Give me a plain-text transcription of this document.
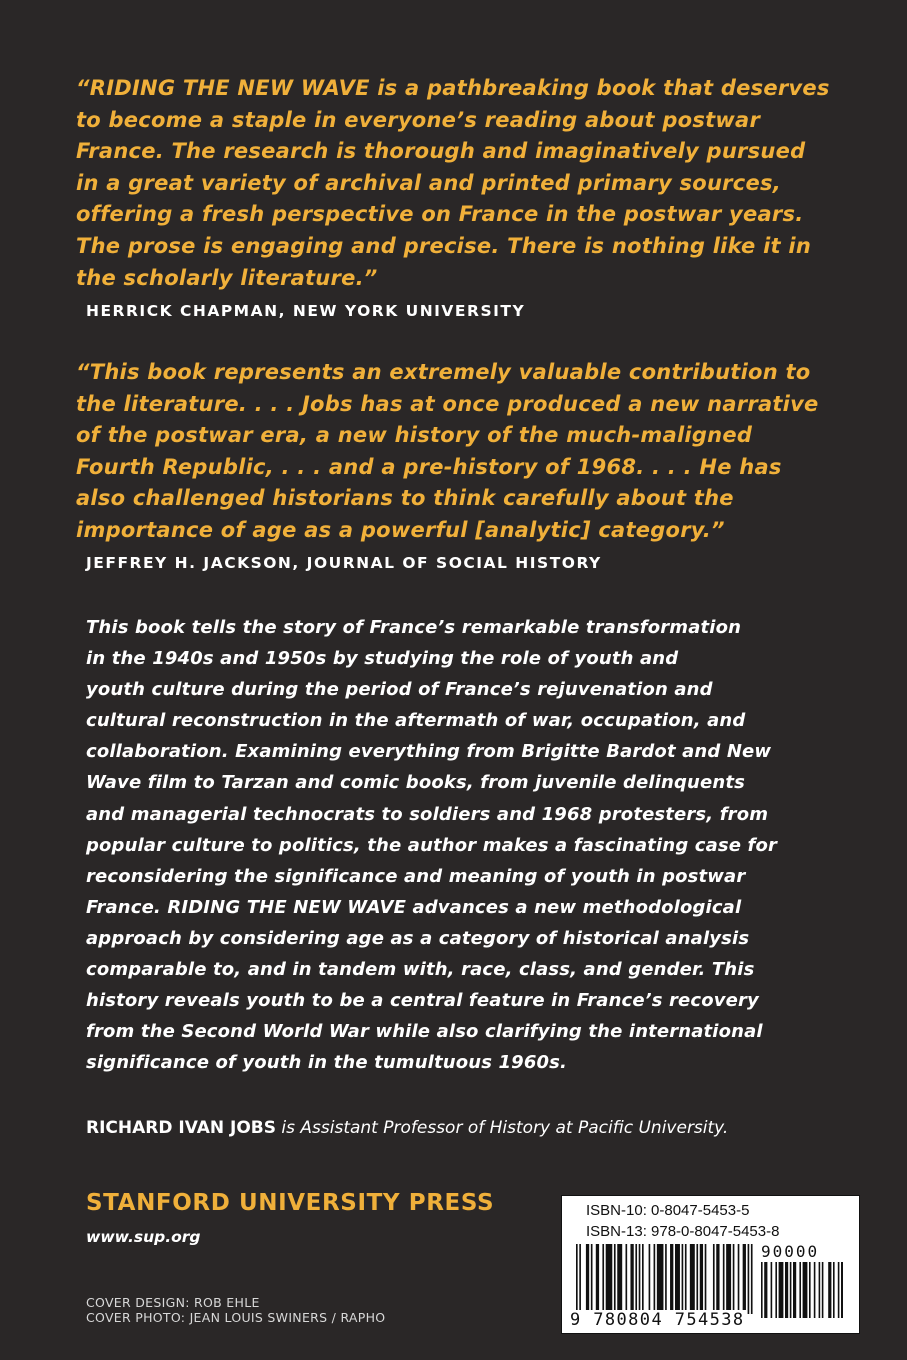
“RIDING THE NEW WAVE is a pathbreaking book that deserves
to become a staple in everyone’s reading about postwar
France. The research is thorough and imaginatively pursued
in a great variety of archival and printed primary sources,
offering a fresh perspective on France in the postwar years.
The prose is engaging and precise. There is nothing like it in
the scholarly literature.”
HERRICK CHAPMAN, NEW YORK UNIVERSITY
“This book represents an extremely valuable contribution to
the literature. . . . Jobs has at once produced a new narrative
of the postwar era, a new history of the much-maligned
Fourth Republic, . . . and a pre-history of 1968. . . . He has
also challenged historians to think carefully about the
importance of age as a powerful [analytic] category.”
JEFFREY H. JACKSON, JOURNAL OF SOCIAL HISTORY
This book tells the story of France’s remarkable transformation
in the 1940s and 1950s by studying the role of youth and
youth culture during the period of France’s rejuvenation and
cultural reconstruction in the aftermath of war, occupation, and
collaboration. Examining everything from Brigitte Bardot and New
Wave film to Tarzan and comic books, from juvenile delinquents
and managerial technocrats to soldiers and 1968 protesters, from
popular culture to politics, the author makes a fascinating case for
reconsidering the significance and meaning of youth in postwar
France. RIDING THE NEW WAVE advances a new methodological
approach by considering age as a category of historical analysis
comparable to, and in tandem with, race, class, and gender. This
history reveals youth to be a central feature in France’s recovery
from the Second World War while also clarifying the international
significance of youth in the tumultuous 1960s.
RICHARD IVAN JOBS is Assistant Professor of History at Pacific University.
STANFORD UNIVERSITY PRESS
www.sup.org
COVER DESIGN: ROB EHLE
COVER PHOTO: JEAN LOUIS SWINERS / RAPHO
ISBN-10: 0-8047-5453-5
ISBN-13: 978-0-8047-5453-8
90000
9 780804 754538
